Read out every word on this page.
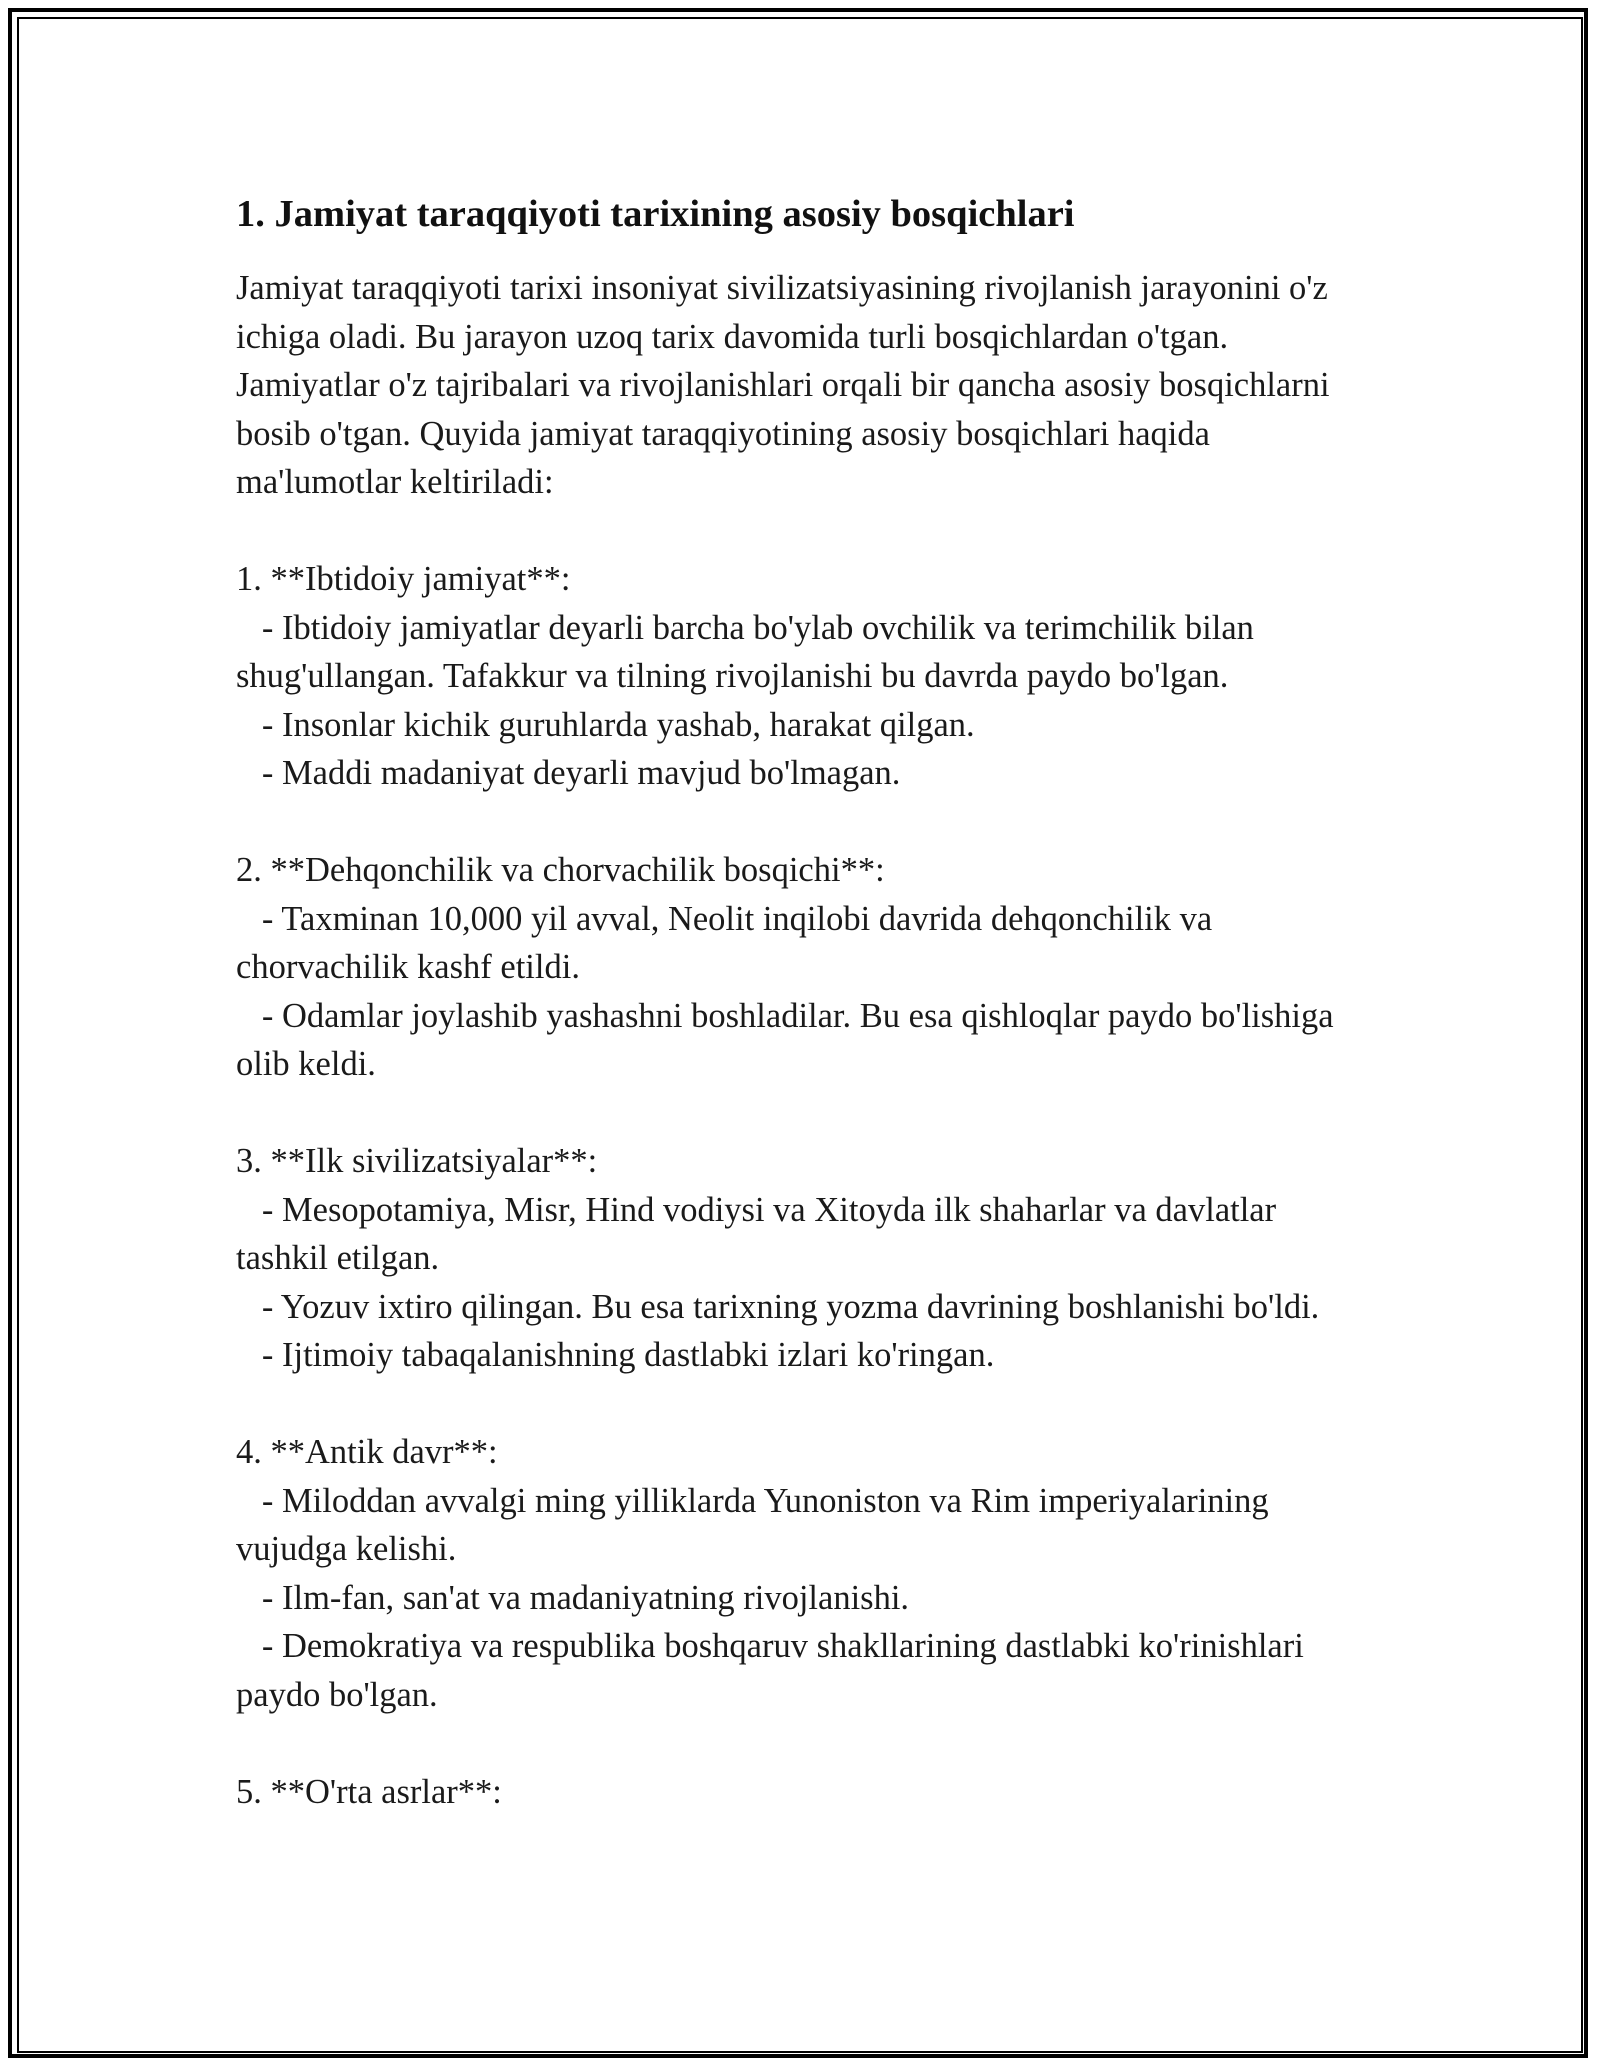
1. Jamiyat taraqqiyoti tarixining asosiy bosqichlari

Jamiyat taraqqiyoti tarixi insoniyat sivilizatsiyasining rivojlanish jarayonini o'z ichiga oladi. Bu jarayon uzoq tarix davomida turli bosqichlardan o'tgan. Jamiyatlar o'z tajribalari va rivojlanishlari orqali bir qancha asosiy bosqichlarni bosib o'tgan. Quyida jamiyat taraqqiyotining asosiy bosqichlari haqida ma'lumotlar keltiriladi:

1. **Ibtidoiy jamiyat**:

- Ibtidoiy jamiyatlar deyarli barcha bo'ylab ovchilik va terimchilik bilan shug'ullangan. Tafakkur va tilning rivojlanishi bu davrda paydo bo'lgan.

- Insonlar kichik guruhlarda yashab, harakat qilgan.

- Maddi madaniyat deyarli mavjud bo'lmagan.

2. **Dehqonchilik va chorvachilik bosqichi**:

- Taxminan 10,000 yil avval, Neolit inqilobi davrida dehqonchilik va chorvachilik kashf etildi.

- Odamlar joylashib yashashni boshladilar. Bu esa qishloqlar paydo bo'lishiga olib keldi.

3. **Ilk sivilizatsiyalar**:

- Mesopotamiya, Misr, Hind vodiysi va Xitoyda ilk shaharlar va davlatlar tashkil etilgan.

- Yozuv ixtiro qilingan. Bu esa tarixning yozma davrining boshlanishi bo'ldi.

- Ijtimoiy tabaqalanishning dastlabki izlari ko'ringan.

4. **Antik davr**:

- Miloddan avvalgi ming yilliklarda Yunoniston va Rim imperiyalarining vujudga kelishi.

- Ilm-fan, san'at va madaniyatning rivojlanishi.

- Demokratiya va respublika boshqaruv shakllarining dastlabki ko'rinishlari paydo bo'lgan.

5. **O'rta asrlar**:
